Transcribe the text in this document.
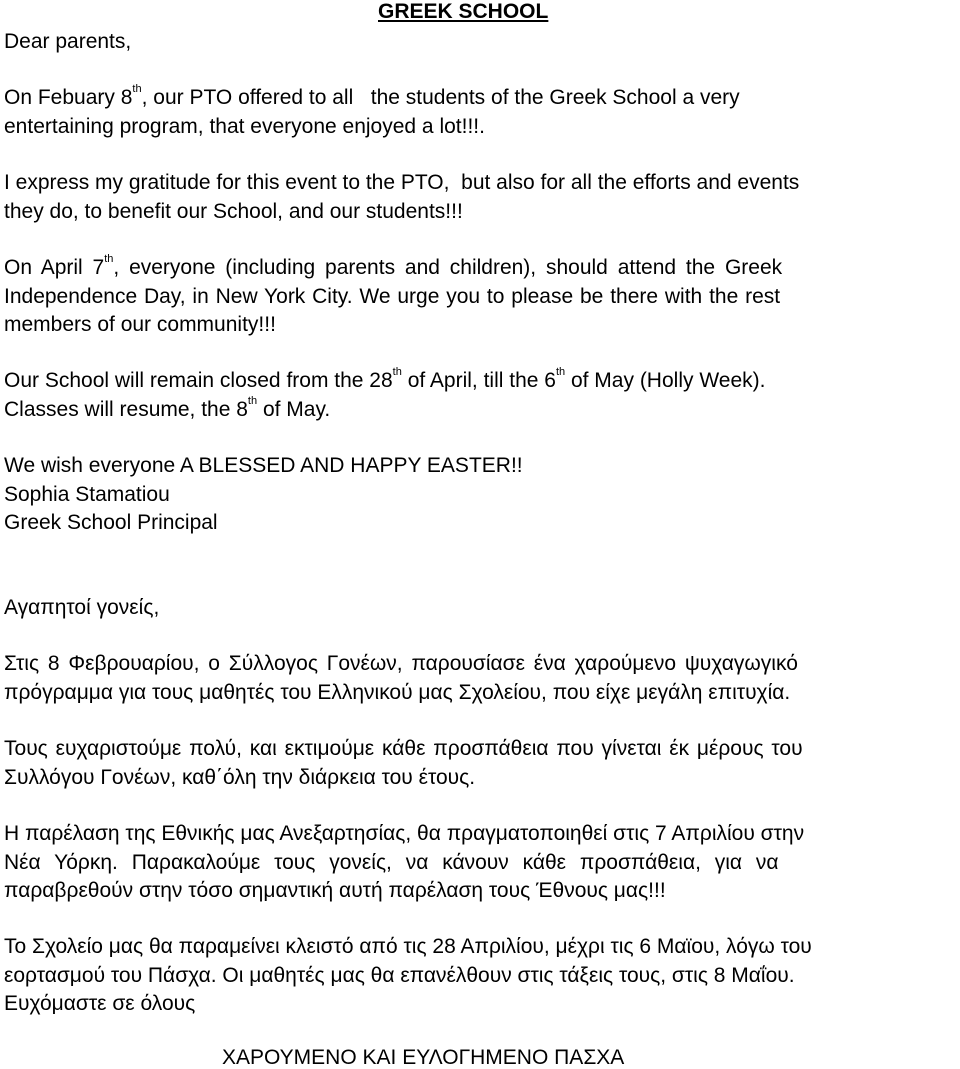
GREEK SCHOOL
Dear parents,
On Febuary 8th, our PTO offered to all   the students of the Greek School a very
entertaining program, that everyone enjoyed a lot!!!.
I express my gratitude for this event to the PTO,  but also for all the efforts and events
they do, to benefit our School, and our students!!!
On April 7th, everyone (including parents and children), should attend the Greek
Independence Day, in New York City. We urge you to please be there with the rest
members of our community!!!
Our School will remain closed from the 28th of April, till the 6th of May (Holly Week).
Classes will resume, the 8th of May.
We wish everyone A BLESSED AND HAPPY EASTER!!
Sophia Stamatiou
Greek School Principal
Αγαπητοί γονείς,
Στις 8 Φεβρουαρίου, ο Σύλλογος Γονέων, παρουσίασε ένα χαρούμενο ψυχαγωγικό
πρόγραμμα για τους μαθητές του Ελληνικού μας Σχολείου, που είχε μεγάλη επιτυχία.
Τους ευχαριστούμε πολύ, και εκτιμούμε κάθε προσπάθεια που γίνεται έκ μέρους του
Συλλόγου Γονέων, καθ΄όλη την διάρκεια του έτους.
Η παρέλαση της Εθνικής μας Ανεξαρτησίας, θα πραγματοποιηθεί στις 7 Απριλίου στην
Νέα Υόρκη. Παρακαλούμε τους γονείς, να κάνουν κάθε προσπάθεια, για να
παραβρεθούν στην τόσο σημαντική αυτή παρέλαση τους Έθνους μας!!!
Το Σχολείο μας θα παραμείνει κλειστό από τις 28 Απριλίου, μέχρι τις 6 Μαϊου, λόγω του
εορτασμού του Πάσχα. Οι μαθητές μας θα επανέλθουν στις τάξεις τους, στις 8 Μαΐου.
Ευχόμαστε σε όλους
ΧΑΡΟΥΜΕΝΟ ΚΑΙ ΕΥΛΟΓΗΜΕΝΟ ΠΑΣΧΑ
